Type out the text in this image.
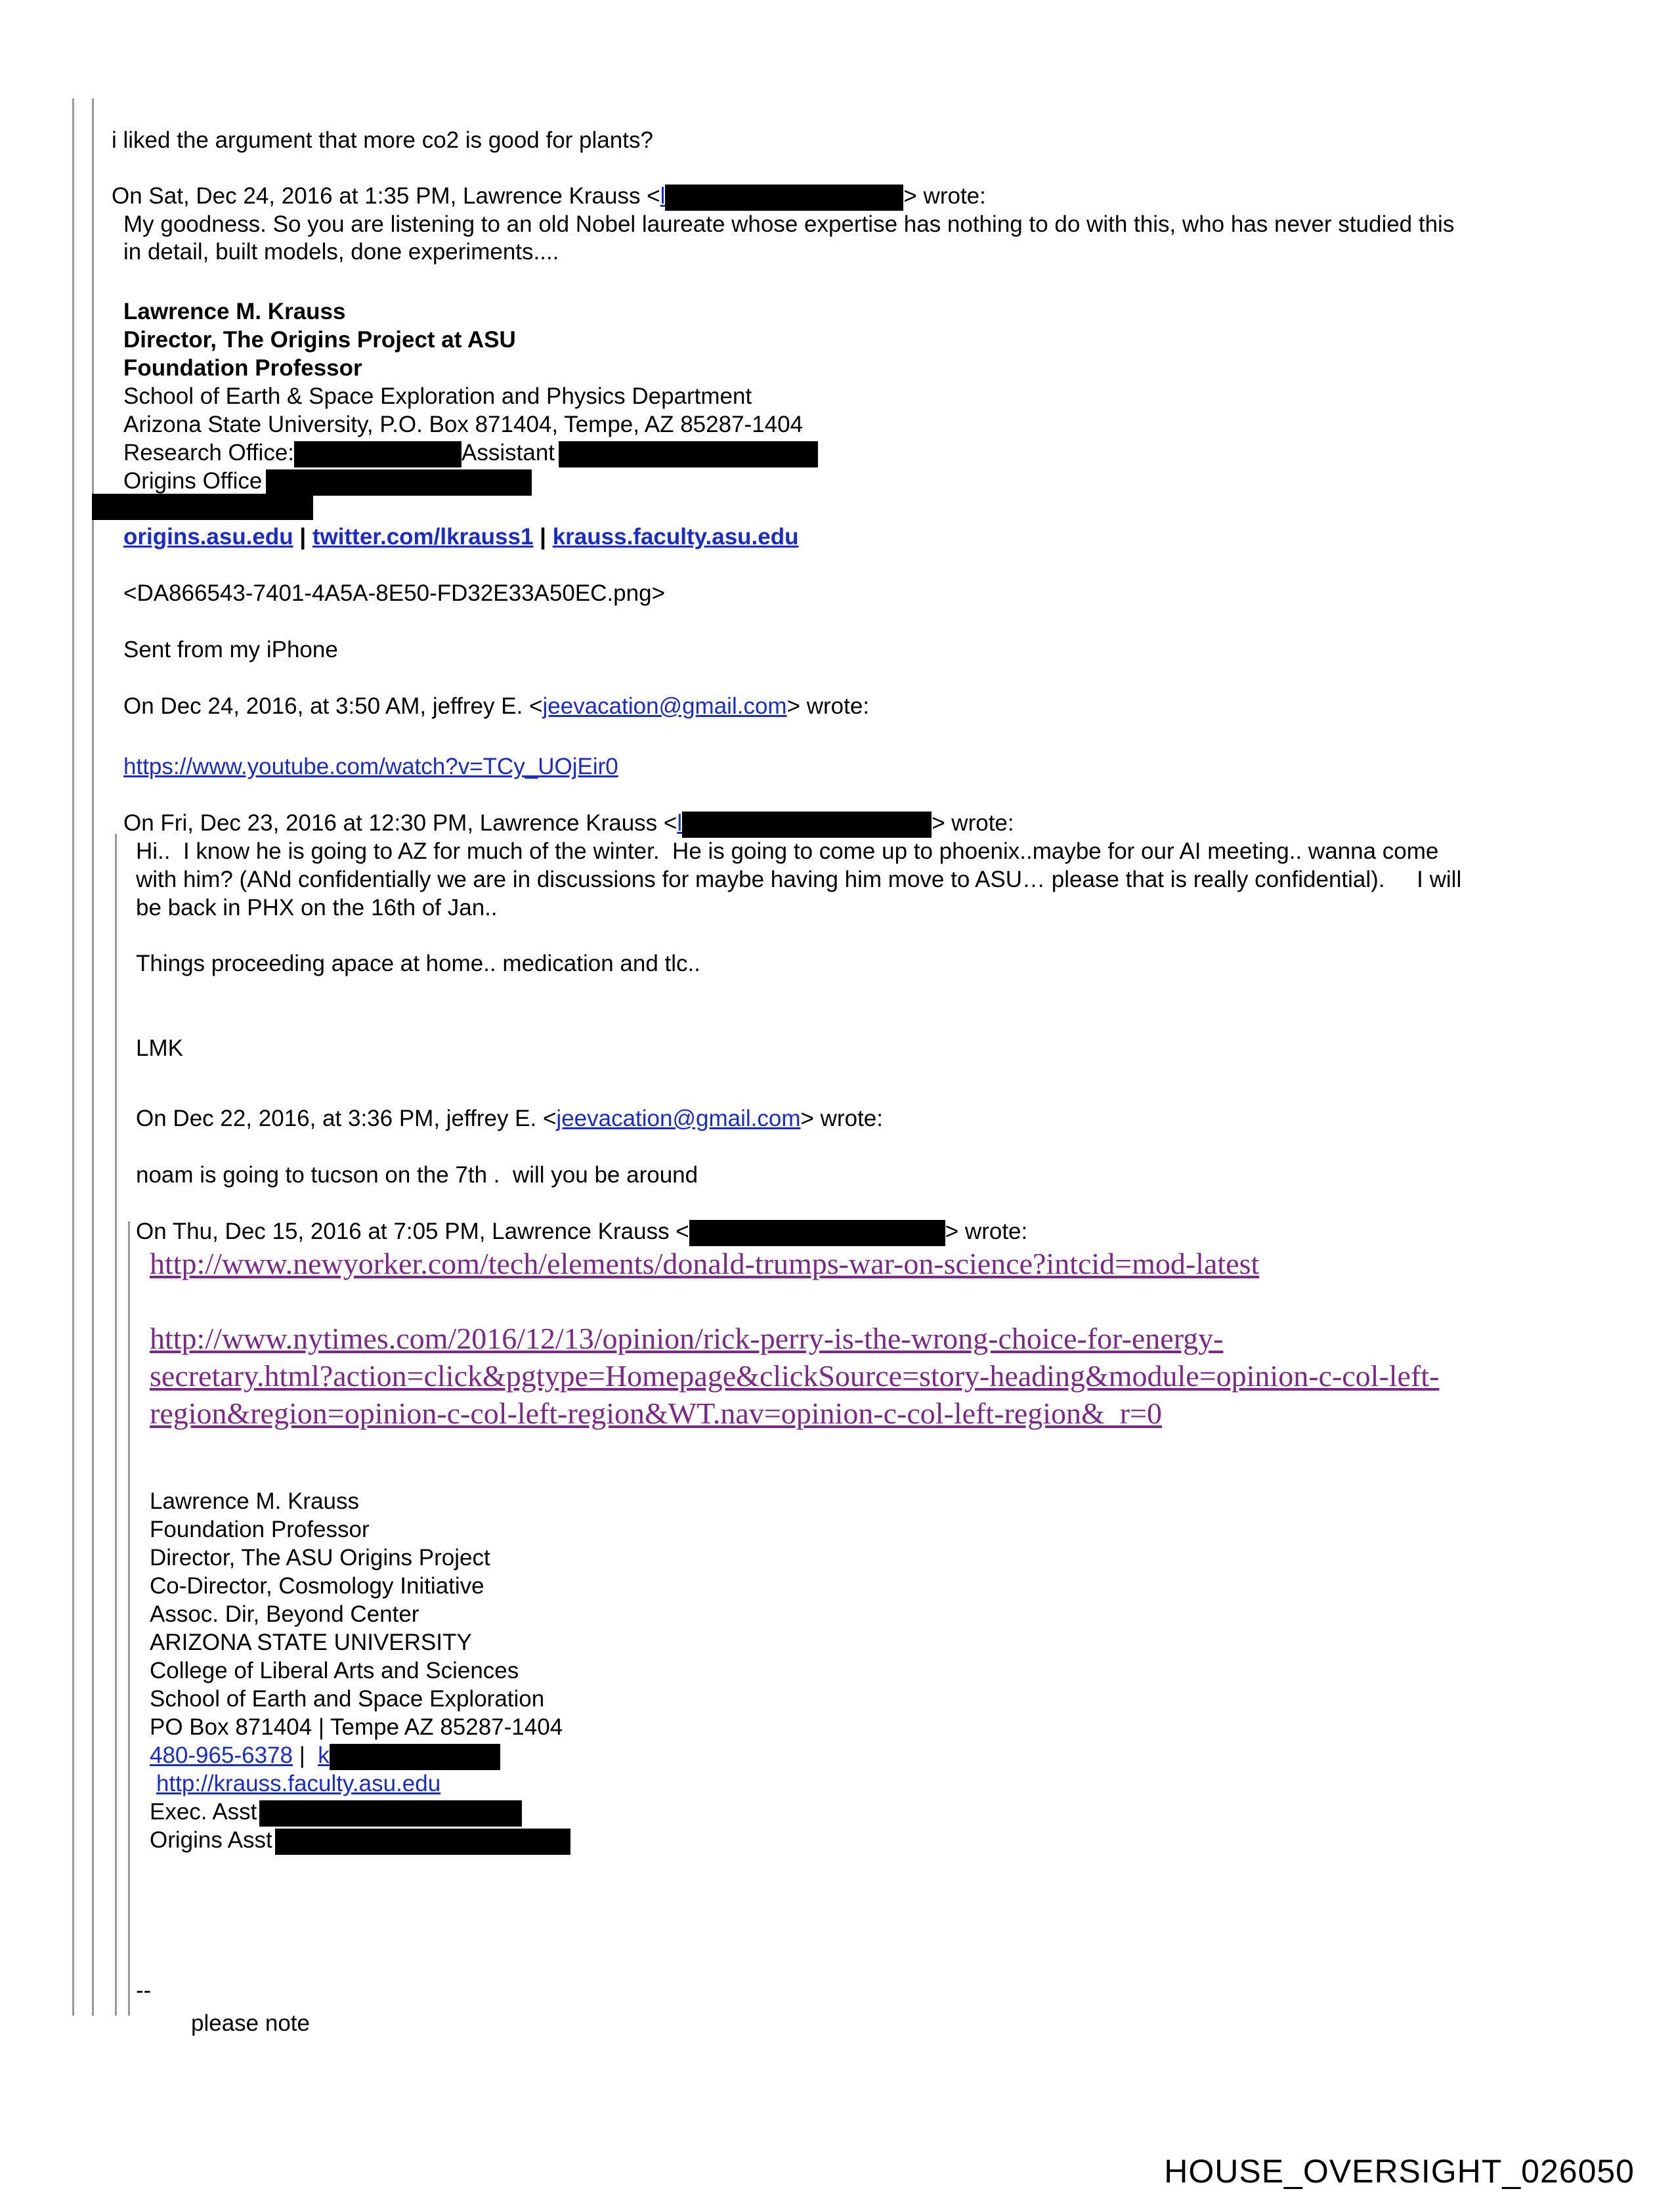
i liked the argument that more co2 is good for plants?
On Sat, Dec 24, 2016 at 1:35 PM, Lawrence Krauss <l	> wrote:
My goodness. So you are listening to an old Nobel laureate whose expertise has nothing to do with this, who has never studied this
in detail, built models, done experiments....
Lawrence M. Krauss
Director, The Origins Project at ASU
Foundation Professor
School of Earth & Space Exploration and Physics Department
Arizona State University, P.O. Box 871404, Tempe, AZ 85287-1404
Research Office:	Assistant
Origins Office
origins.asu.edu | twitter.com/lkrauss1 | krauss.faculty.asu.edu
<DA866543-7401-4A5A-8E50-FD32E33A50EC.png>
Sent from my iPhone
On Dec 24, 2016, at 3:50 AM, jeffrey E. <jeevacation@gmail.com> wrote:
https://www.youtube.com/watch?v=TCy_UOjEir0
On Fri, Dec 23, 2016 at 12:30 PM, Lawrence Krauss <l	> wrote:
Hi..  I know he is going to AZ for much of the winter.  He is going to come up to phoenix..maybe for our AI meeting.. wanna come
with him? (ANd confidentially we are in discussions for maybe having him move to ASU… please that is really confidential).     I will
be back in PHX on the 16th of Jan..
Things proceeding apace at home.. medication and tlc..
LMK
On Dec 22, 2016, at 3:36 PM, jeffrey E. <jeevacation@gmail.com> wrote:
noam is going to tucson on the 7th .  will you be around
On Thu, Dec 15, 2016 at 7:05 PM, Lawrence Krauss <	> wrote:
http://www.newyorker.com/tech/elements/donald-trumps-war-on-science?intcid=mod-latest
http://www.nytimes.com/2016/12/13/opinion/rick-perry-is-the-wrong-choice-for-energy-
secretary.html?action=click&pgtype=Homepage&clickSource=story-heading&module=opinion-c-col-left-
region&region=opinion-c-col-left-region&WT.nav=opinion-c-col-left-region&_r=0
Lawrence M. Krauss
Foundation Professor
Director, The ASU Origins Project
Co-Director, Cosmology Initiative
Assoc. Dir, Beyond Center
ARIZONA STATE UNIVERSITY
College of Liberal Arts and Sciences
School of Earth and Space Exploration
PO Box 871404 | Tempe AZ 85287-1404
480-965-6378 |  k
http://krauss.faculty.asu.edu
Exec. Asst
Origins Asst
--
please note
HOUSE_OVERSIGHT_026050
